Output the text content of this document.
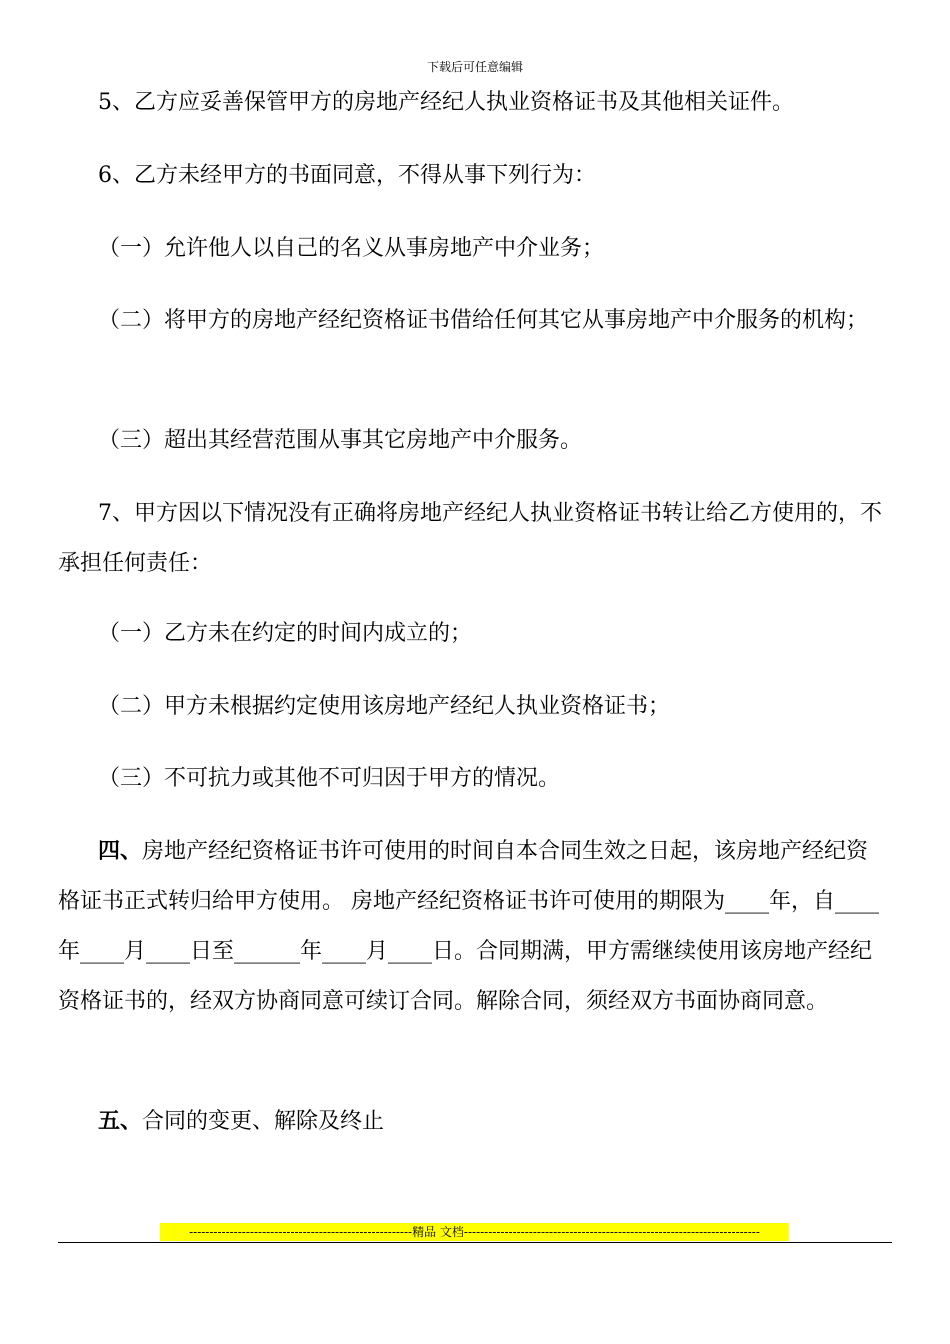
下载后可任意编辑

5、乙方应妥善保管甲方的房地产经纪人执业资格证书及其他相关证件。

6、乙方未经甲方的书面同意，不得从事下列行为：

（一）允许他人以自己的名义从事房地产中介业务；

（二）将甲方的房地产经纪资格证书借给任何其它从事房地产中介服务的机构；

（三）超出其经营范围从事其它房地产中介服务。

7、甲方因以下情况没有正确将房地产经纪人执业资格证书转让给乙方使用的，不承担任何责任：

（一）乙方未在约定的时间内成立的；

（二）甲方未根据约定使用该房地产经纪人执业资格证书；

（三）不可抗力或其他不可归因于甲方的情况。

四、房地产经纪资格证书许可使用的时间自本合同生效之日起，该房地产经纪资格证书正式转归给甲方使用。 房地产经纪资格证书许可使用的期限为____年，自____年____月____日至______年____月____日。合同期满，甲方需继续使用该房地产经纪资格证书的，经双方协商同意可续订合同。解除合同，须经双方书面协商同意。

五、合同的变更、解除及终止

-------------------------------------------------------精品 文档-------------------------------------------------------------------------
